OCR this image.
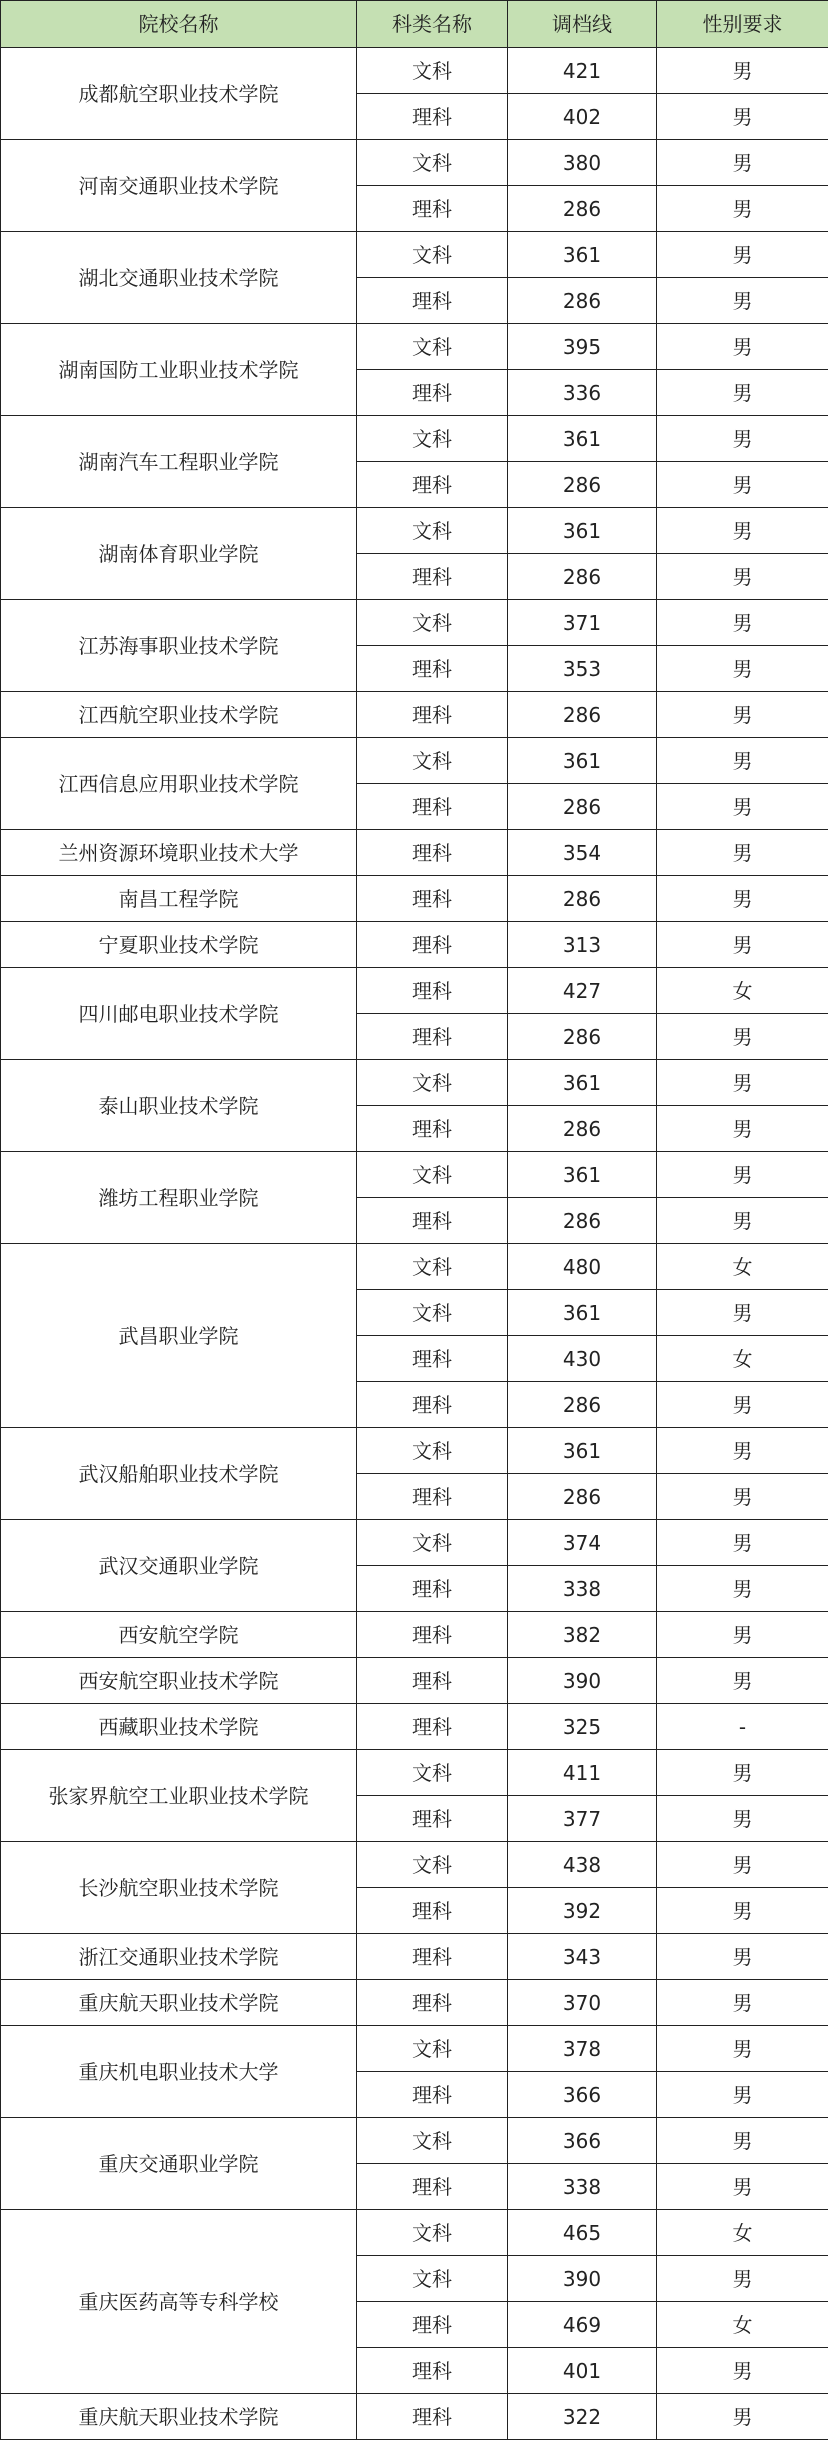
院校名称	科类名称	调档线	性别要求
成都航空职业技术学院	文科	421	男
	理科	402	男
河南交通职业技术学院	文科	380	男
	理科	286	男
湖北交通职业技术学院	文科	361	男
	理科	286	男
湖南国防工业职业技术学院	文科	395	男
	理科	336	男
湖南汽车工程职业学院	文科	361	男
	理科	286	男
湖南体育职业学院	文科	361	男
	理科	286	男
江苏海事职业技术学院	文科	371	男
	理科	353	男
江西航空职业技术学院	理科	286	男
江西信息应用职业技术学院	文科	361	男
	理科	286	男
兰州资源环境职业技术大学	理科	354	男
南昌工程学院	理科	286	男
宁夏职业技术学院	理科	313	男
四川邮电职业技术学院	理科	427	女
	理科	286	男
泰山职业技术学院	文科	361	男
	理科	286	男
潍坊工程职业学院	文科	361	男
	理科	286	男
武昌职业学院	文科	480	女
	文科	361	男
	理科	430	女
	理科	286	男
武汉船舶职业技术学院	文科	361	男
	理科	286	男
武汉交通职业学院	文科	374	男
	理科	338	男
西安航空学院	理科	382	男
西安航空职业技术学院	理科	390	男
西藏职业技术学院	理科	325	-
张家界航空工业职业技术学院	文科	411	男
	理科	377	男
长沙航空职业技术学院	文科	438	男
	理科	392	男
浙江交通职业技术学院	理科	343	男
重庆航天职业技术学院	理科	370	男
重庆机电职业技术大学	文科	378	男
	理科	366	男
重庆交通职业学院	文科	366	男
	理科	338	男
重庆医药高等专科学校	文科	465	女
	文科	390	男
	理科	469	女
	理科	401	男
重庆航天职业技术学院	理科	322	男
